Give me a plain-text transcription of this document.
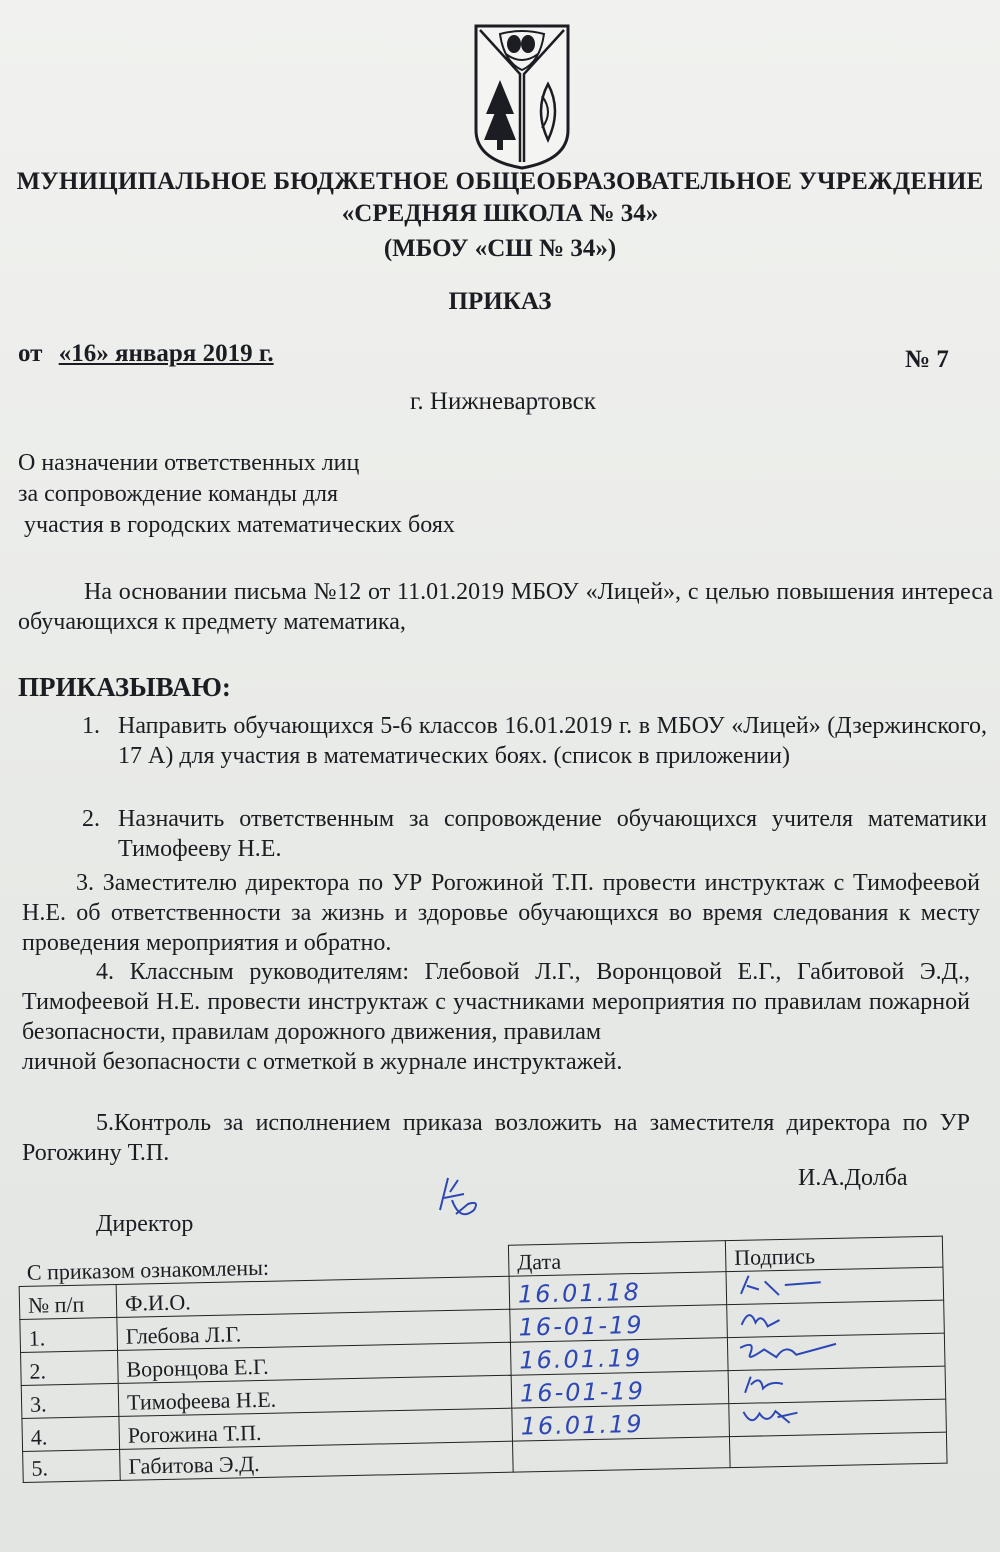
МУНИЦИПАЛЬНОЕ БЮДЖЕТНОЕ ОБЩЕОБРАЗОВАТЕЛЬНОЕ УЧРЕЖДЕНИЕ
«СРЕДНЯЯ ШКОЛА № 34»
(МБОУ «СШ № 34»)
ПРИКАЗ
от «16» января 2019 г.	№ 7
г. Нижневартовск
О назначении ответственных лиц
за сопровождение команды для
участия в городских математических боях
На основании письма №12 от 11.01.2019 МБОУ «Лицей», с целью повышения интереса обучающихся к предмету математика,
ПРИКАЗЫВАЮ:
1. Направить обучающихся 5-6 классов 16.01.2019 г. в МБОУ «Лицей» (Дзержинского, 17 А) для участия в математических боях. (список в приложении)
2. Назначить ответственным за сопровождение обучающихся учителя математики Тимофееву Н.Е.
3. Заместителю директора по УР Рогожиной Т.П. провести инструктаж с Тимофеевой Н.Е. об ответственности за жизнь и здоровье обучающихся во время следования к месту проведения мероприятия и обратно.
4. Классным руководителям: Глебовой Л.Г., Воронцовой Е.Г., Габитовой Э.Д., Тимофеевой Н.Е. провести инструктаж с участниками мероприятия по правилам пожарной безопасности, правилам дорожного движения, правилам
личной безопасности с отметкой в журнале инструктажей.
5.Контроль за исполнением приказа возложить на заместителя директора по УР Рогожину Т.П.
И.А.Долба
Директор
С приказом ознакомлены:		Дата	Подпись
№ п/п	Ф.И.О.	16.01.18	
1.	Глебова Л.Г.	16-01-19	
2.	Воронцова Е.Г.	16.01.19	
3.	Тимофеева Н.Е.	16-01-19	
4.	Рогожина Т.П.	16.01.19	
5.	Габитова Э.Д.		
